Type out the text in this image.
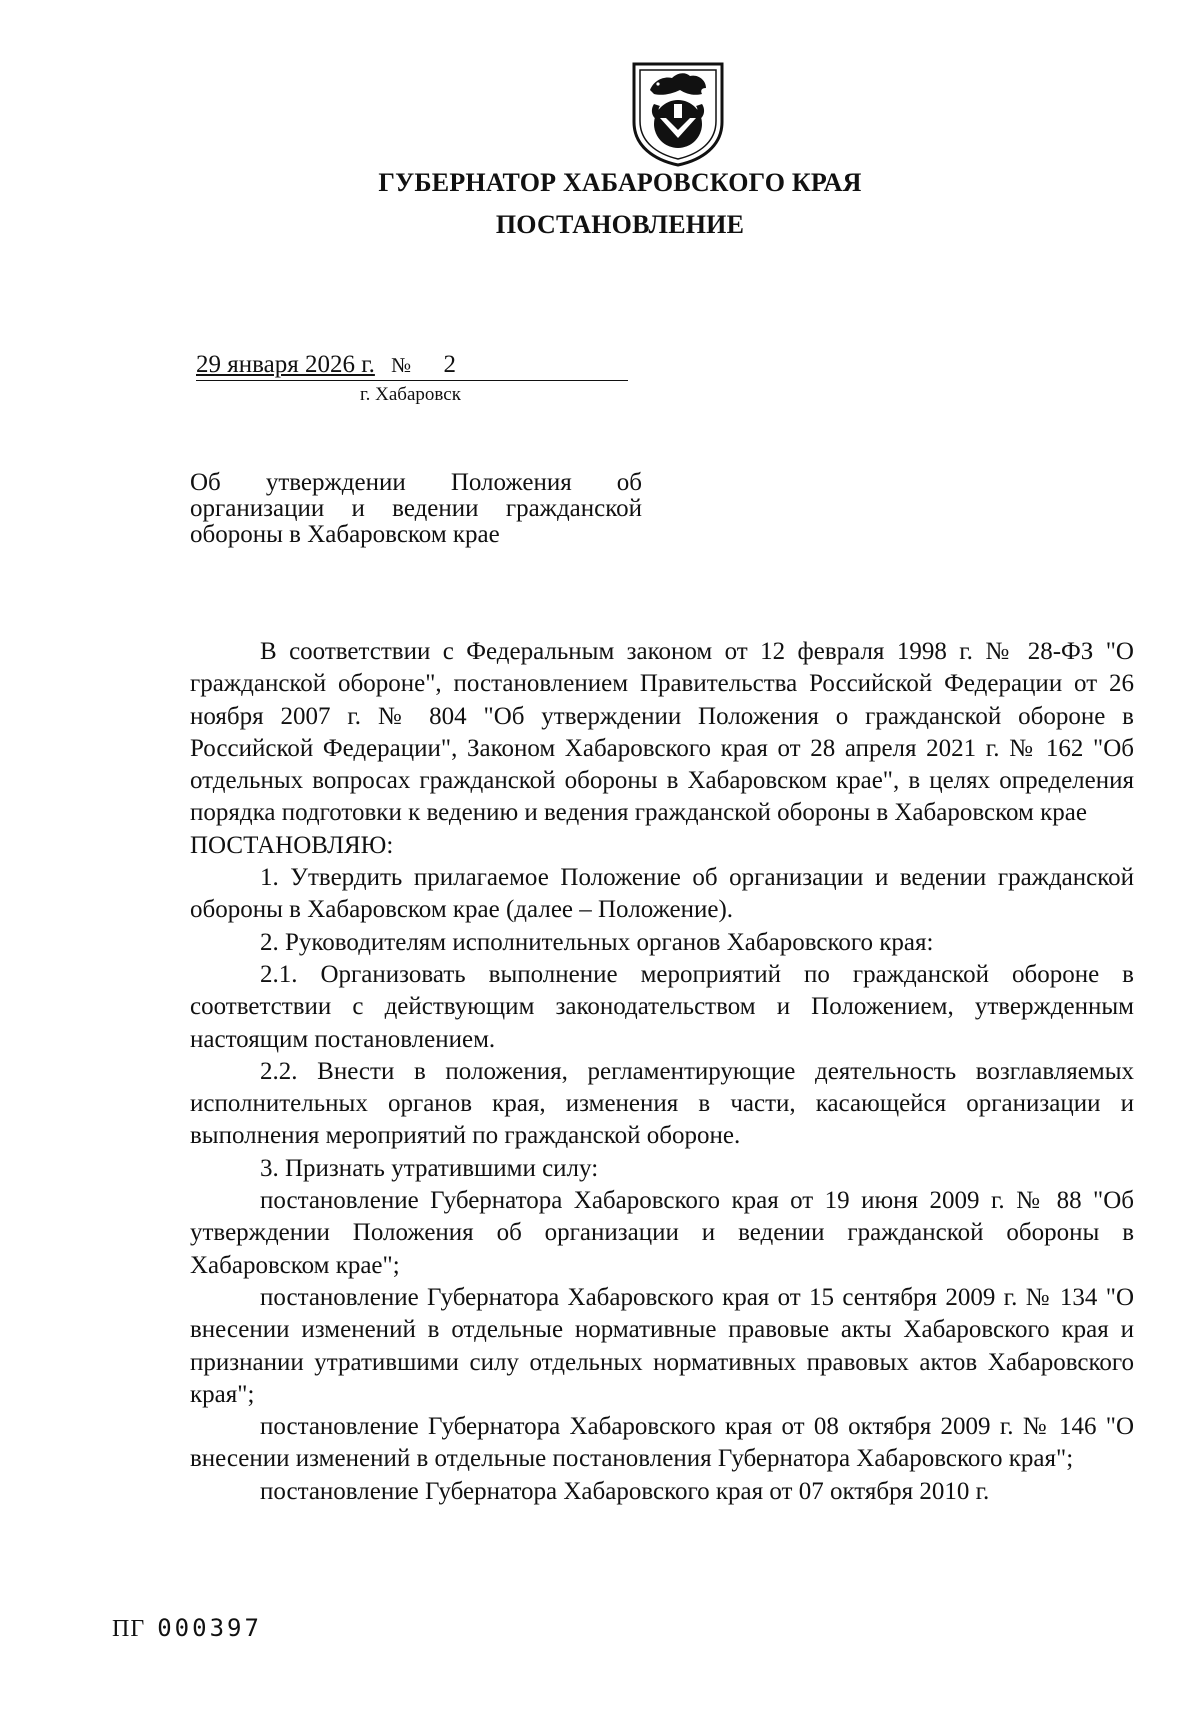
ГУБЕРНАТОР ХАБАРОВСКОГО КРАЯ
ПОСТАНОВЛЕНИЕ
29 января 2026 г. № 2
г. Хабаровск
Об утверждении Положения об организации и ведении гражданской обороны в Хабаровском крае

В соответствии с Федеральным законом от 12 февраля 1998 г. № 28-ФЗ "О гражданской обороне", постановлением Правительства Российской Федерации от 26 ноября 2007 г. № 804 "Об утверждении Положения о гражданской обороне в Российской Федерации", Законом Хабаровского края от 28 апреля 2021 г. № 162 "Об отдельных вопросах гражданской обороны в Хабаровском крае", в целях определения порядка подготовки к ведению и ведения гражданской обороны в Хабаровском крае

ПОСТАНОВЛЯЮ:

1. Утвердить прилагаемое Положение об организации и ведении гражданской обороны в Хабаровском крае (далее – Положение).

2. Руководителям исполнительных органов Хабаровского края:

2.1. Организовать выполнение мероприятий по гражданской обороне в соответствии с действующим законодательством и Положением, утвержденным настоящим постановлением.

2.2. Внести в положения, регламентирующие деятельность возглавляемых исполнительных органов края, изменения в части, касающейся организации и выполнения мероприятий по гражданской обороне.

3. Признать утратившими силу:

постановление Губернатора Хабаровского края от 19 июня 2009 г. № 88 "Об утверждении Положения об организации и ведении гражданской обороны в Хабаровском крае";

постановление Губернатора Хабаровского края от 15 сентября 2009 г. № 134 "О внесении изменений в отдельные нормативные правовые акты Хабаровского края и признании утратившими силу отдельных нормативных правовых актов Хабаровского края";

постановление Губернатора Хабаровского края от 08 октября 2009 г. № 146 "О внесении изменений в отдельные постановления Губернатора Хабаровского края";

постановление Губернатора Хабаровского края от 07 октября 2010 г.

ПГ 000397
